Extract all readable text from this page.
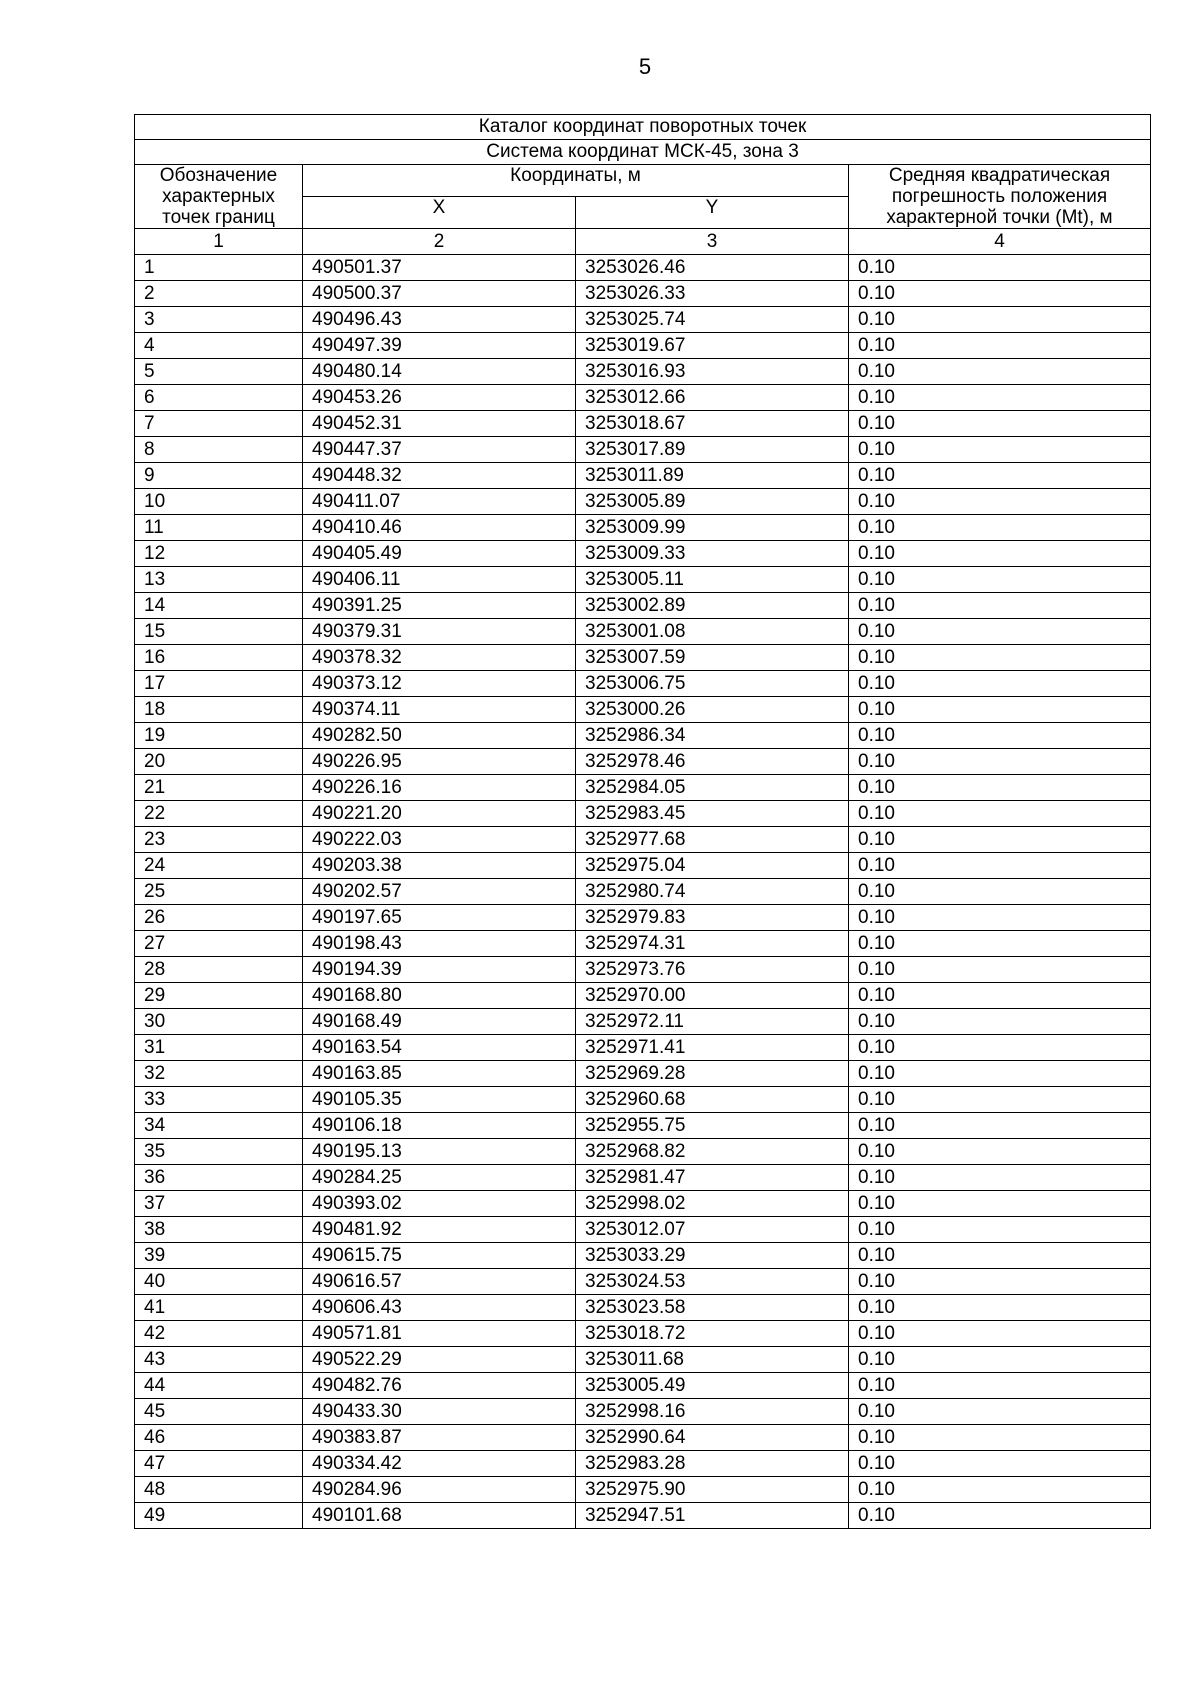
5
Каталог координат поворотных точек			
Система координат МСК-45, зона 3			
Обозначение характерных точек границ	Координаты, м		Средняя квадратическая погрешность положения характерной точки (Mt), м
	X	Y	
1	2	3	4
1	490501.37	3253026.46	0.10
2	490500.37	3253026.33	0.10
3	490496.43	3253025.74	0.10
4	490497.39	3253019.67	0.10
5	490480.14	3253016.93	0.10
6	490453.26	3253012.66	0.10
7	490452.31	3253018.67	0.10
8	490447.37	3253017.89	0.10
9	490448.32	3253011.89	0.10
10	490411.07	3253005.89	0.10
11	490410.46	3253009.99	0.10
12	490405.49	3253009.33	0.10
13	490406.11	3253005.11	0.10
14	490391.25	3253002.89	0.10
15	490379.31	3253001.08	0.10
16	490378.32	3253007.59	0.10
17	490373.12	3253006.75	0.10
18	490374.11	3253000.26	0.10
19	490282.50	3252986.34	0.10
20	490226.95	3252978.46	0.10
21	490226.16	3252984.05	0.10
22	490221.20	3252983.45	0.10
23	490222.03	3252977.68	0.10
24	490203.38	3252975.04	0.10
25	490202.57	3252980.74	0.10
26	490197.65	3252979.83	0.10
27	490198.43	3252974.31	0.10
28	490194.39	3252973.76	0.10
29	490168.80	3252970.00	0.10
30	490168.49	3252972.11	0.10
31	490163.54	3252971.41	0.10
32	490163.85	3252969.28	0.10
33	490105.35	3252960.68	0.10
34	490106.18	3252955.75	0.10
35	490195.13	3252968.82	0.10
36	490284.25	3252981.47	0.10
37	490393.02	3252998.02	0.10
38	490481.92	3253012.07	0.10
39	490615.75	3253033.29	0.10
40	490616.57	3253024.53	0.10
41	490606.43	3253023.58	0.10
42	490571.81	3253018.72	0.10
43	490522.29	3253011.68	0.10
44	490482.76	3253005.49	0.10
45	490433.30	3252998.16	0.10
46	490383.87	3252990.64	0.10
47	490334.42	3252983.28	0.10
48	490284.96	3252975.90	0.10
49	490101.68	3252947.51	0.10
